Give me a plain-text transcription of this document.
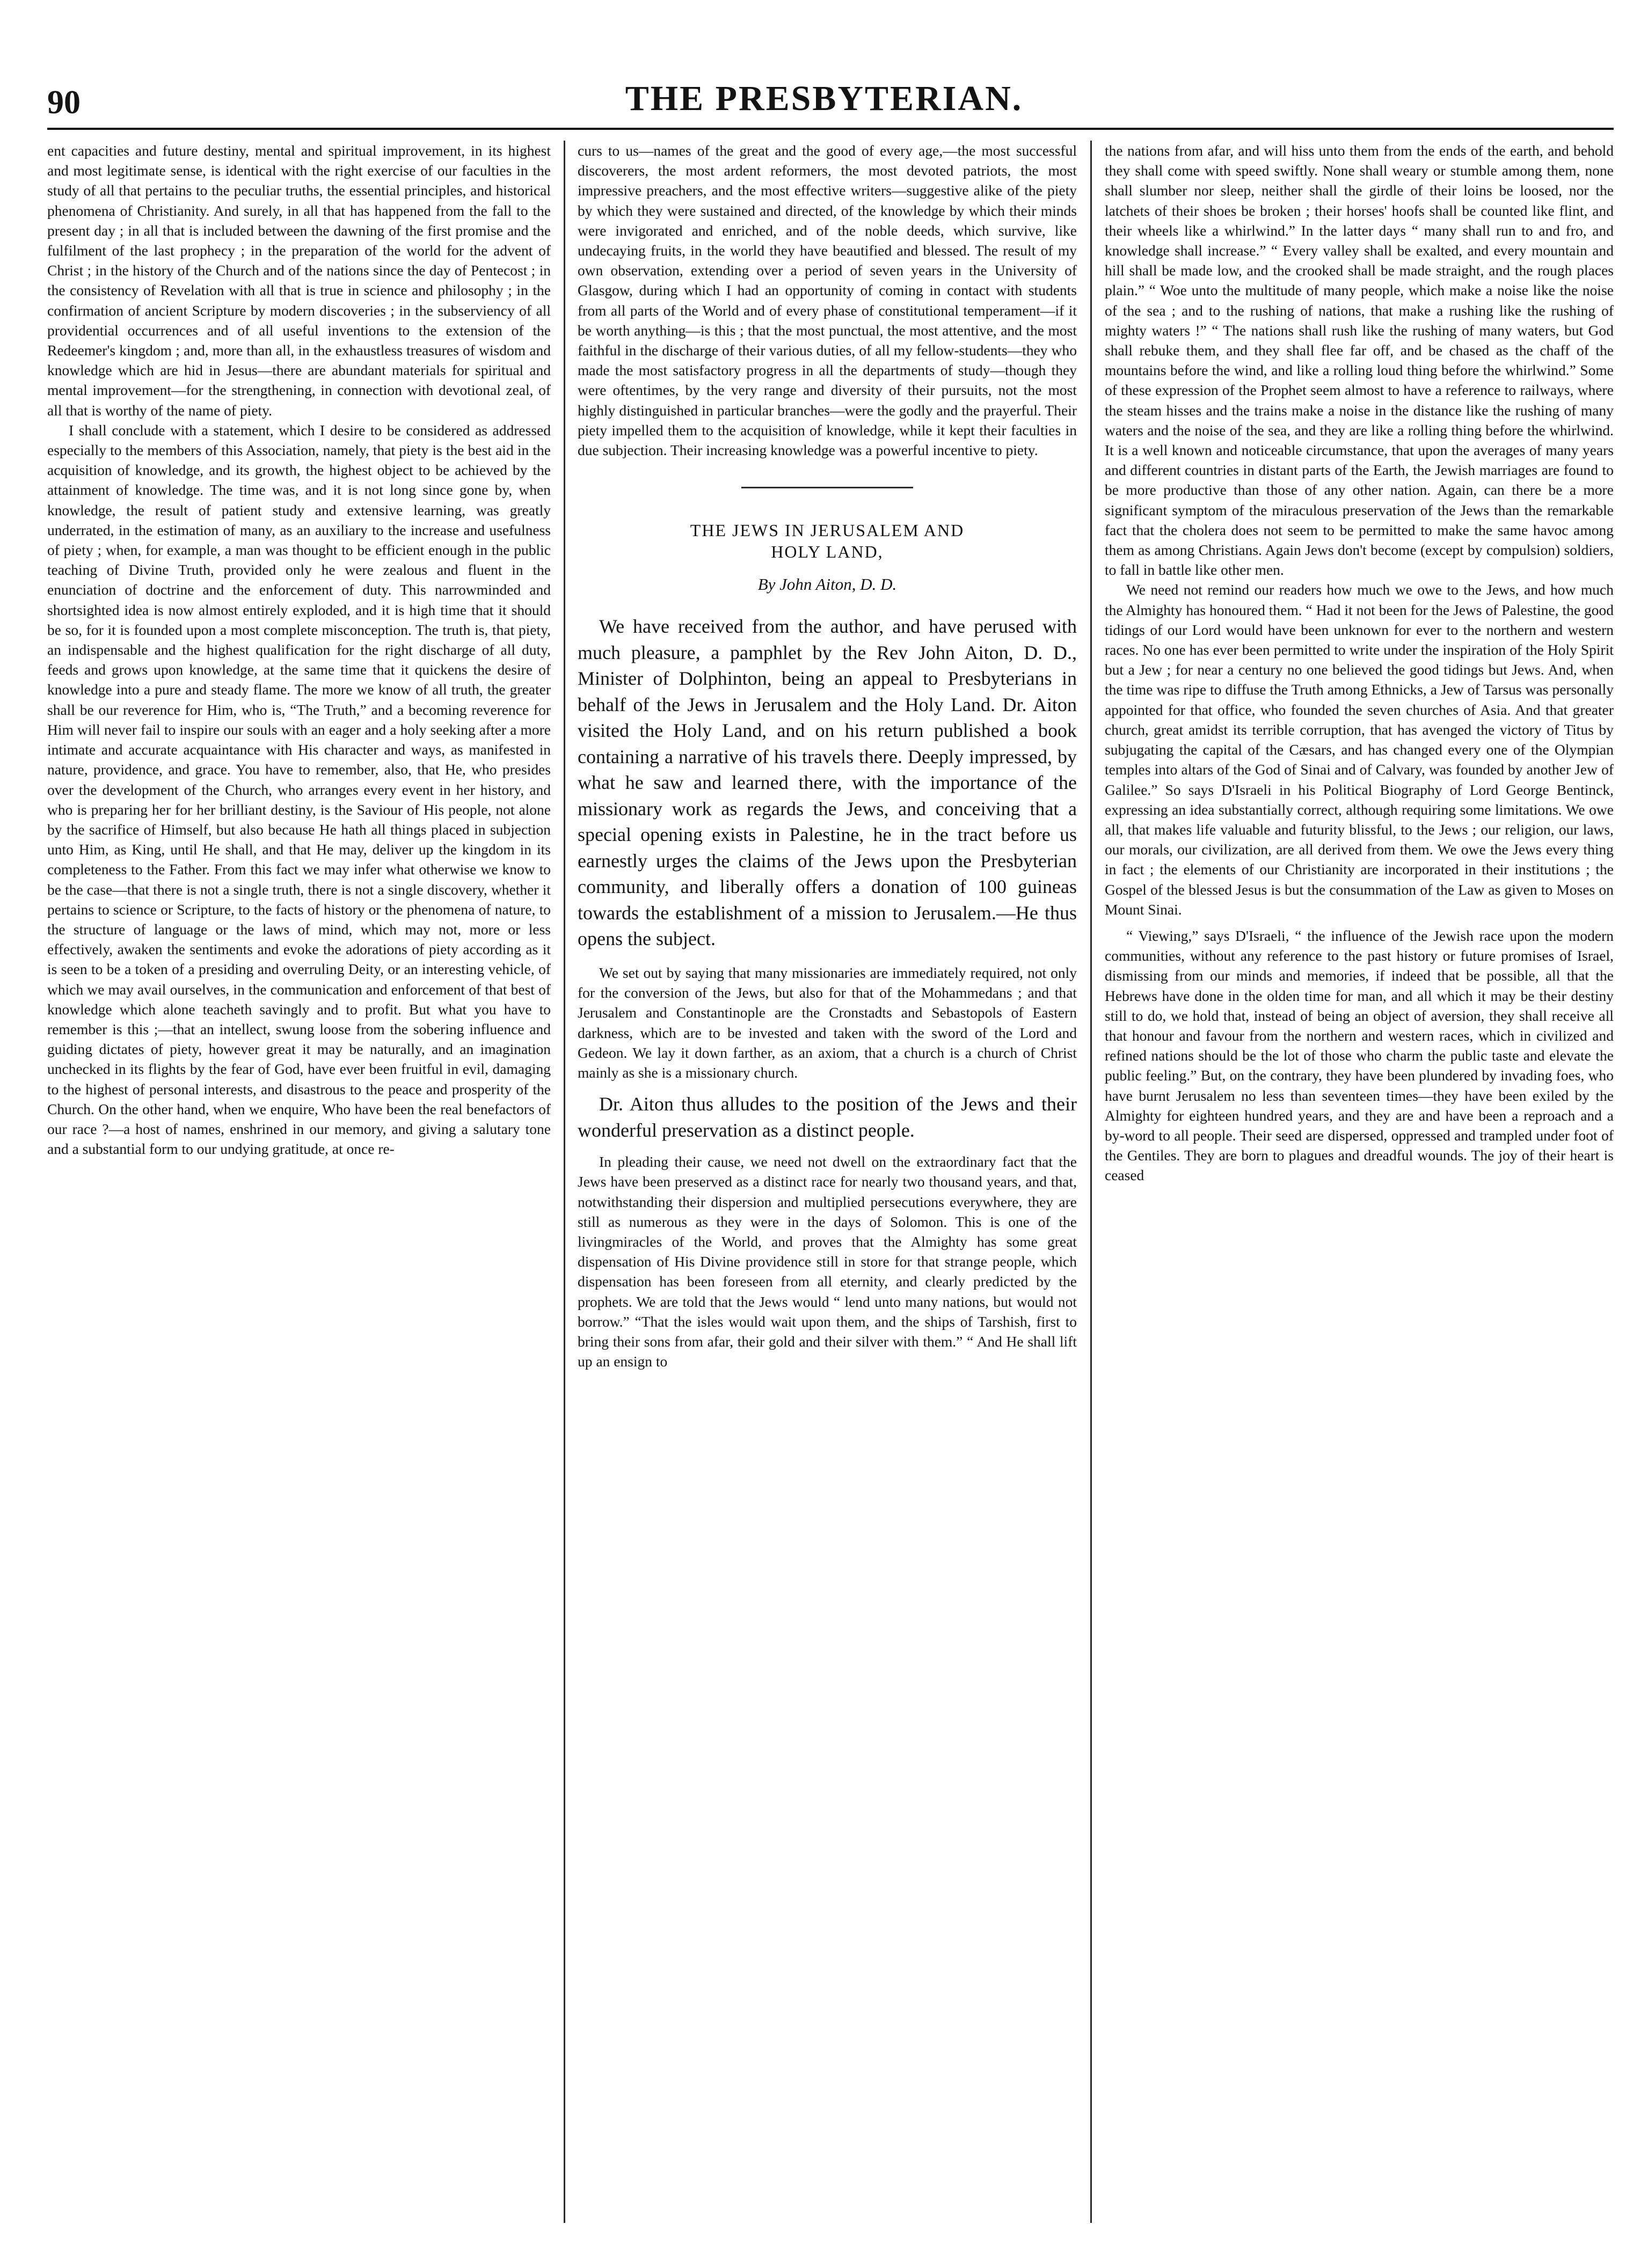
90	THE PRESBYTERIAN.

ent capacities and future destiny, mental and spiritual improvement, in its highest and most legitimate sense, is identical with the right exercise of our faculties in the study of all that pertains to the peculiar truths, the essential principles, and historical phenomena of Christianity. And surely, in all that has happened from the fall to the present day ; in all that is included between the dawning of the first promise and the fulfilment of the last prophecy ; in the preparation of the world for the advent of Christ ; in the history of the Church and of the nations since the day of Pentecost ; in the consistency of Revelation with all that is true in science and philosophy ; in the confirmation of ancient Scripture by modern discoveries ; in the subserviency of all providential occurrences and of all useful inventions to the extension of the Redeemer's kingdom ; and, more than all, in the exhaustless treasures of wisdom and knowledge which are hid in Jesus—there are abundant materials for spiritual and mental improvement—for the strengthening, in connection with devotional zeal, of all that is worthy of the name of piety.

I shall conclude with a statement, which I desire to be considered as addressed especially to the members of this Association, namely, that piety is the best aid in the acquisition of knowledge, and its growth, the highest object to be achieved by the attainment of knowledge. The time was, and it is not long since gone by, when knowledge, the result of patient study and extensive learning, was greatly underrated, in the estimation of many, as an auxiliary to the increase and usefulness of piety ; when, for example, a man was thought to be efficient enough in the public teaching of Divine Truth, provided only he were zealous and fluent in the enunciation of doctrine and the enforcement of duty. This narrowminded and shortsighted idea is now almost entirely exploded, and it is high time that it should be so, for it is founded upon a most complete misconception. The truth is, that piety, an indispensable and the highest qualification for the right discharge of all duty, feeds and grows upon knowledge, at the same time that it quickens the desire of knowledge into a pure and steady flame. The more we know of all truth, the greater shall be our reverence for Him, who is, “The Truth,” and a becoming reverence for Him will never fail to inspire our souls with an eager and a holy seeking after a more intimate and accurate acquaintance with His character and ways, as manifested in nature, providence, and grace. You have to remember, also, that He, who presides over the development of the Church, who arranges every event in her history, and who is preparing her for her brilliant destiny, is the Saviour of His people, not alone by the sacrifice of Himself, but also because He hath all things placed in subjection unto Him, as King, until He shall, and that He may, deliver up the kingdom in its completeness to the Father. From this fact we may infer what otherwise we know to be the case—that there is not a single truth, there is not a single discovery, whether it pertains to science or Scripture, to the facts of history or the phenomena of nature, to the structure of language or the laws of mind, which may not, more or less effectively, awaken the sentiments and evoke the adorations of piety according as it is seen to be a token of a presiding and overruling Deity, or an interesting vehicle, of which we may avail ourselves, in the communication and enforcement of that best of knowledge which alone teacheth savingly and to profit. But what you have to remember is this ;—that an intellect, swung loose from the sobering influence and guiding dictates of piety, however great it may be naturally, and an imagination unchecked in its flights by the fear of God, have ever been fruitful in evil, damaging to the highest of personal interests, and disastrous to the peace and prosperity of the Church. On the other hand, when we enquire, Who have been the real benefactors of our race ?—a host of names, enshrined in our memory, and giving a salutary tone and a substantial form to our undying gratitude, at once re-

curs to us—names of the great and the good of every age,—the most successful discoverers, the most ardent reformers, the most devoted patriots, the most impressive preachers, and the most effective writers—suggestive alike of the piety by which they were sustained and directed, of the knowledge by which their minds were invigorated and enriched, and of the noble deeds, which survive, like undecaying fruits, in the world they have beautified and blessed. The result of my own observation, extending over a period of seven years in the University of Glasgow, during which I had an opportunity of coming in contact with students from all parts of the World and of every phase of constitutional temperament—if it be worth anything—is this ; that the most punctual, the most attentive, and the most faithful in the discharge of their various duties, of all my fellow-students—they who made the most satisfactory progress in all the departments of study—though they were oftentimes, by the very range and diversity of their pursuits, not the most highly distinguished in particular branches—were the godly and the prayerful. Their piety impelled them to the acquisition of knowledge, while it kept their faculties in due subjection. Their increasing knowledge was a powerful incentive to piety.

THE JEWS IN JERUSALEM AND
HOLY LAND,
By John Aiton, D. D.

We have received from the author, and have perused with much pleasure, a pamphlet by the Rev John Aiton, D. D., Minister of Dolphinton, being an appeal to Presbyterians in behalf of the Jews in Jerusalem and the Holy Land. Dr. Aiton visited the Holy Land, and on his return published a book containing a narrative of his travels there. Deeply impressed, by what he saw and learned there, with the importance of the missionary work as regards the Jews, and conceiving that a special opening exists in Palestine, he in the tract before us earnestly urges the claims of the Jews upon the Presbyterian community, and liberally offers a donation of 100 guineas towards the establishment of a mission to Jerusalem.—He thus opens the subject.

We set out by saying that many missionaries are immediately required, not only for the conversion of the Jews, but also for that of the Mohammedans ; and that Jerusalem and Constantinople are the Cronstadts and Sebastopols of Eastern darkness, which are to be invested and taken with the sword of the Lord and Gedeon. We lay it down farther, as an axiom, that a church is a church of Christ mainly as she is a missionary church.

Dr. Aiton thus alludes to the position of the Jews and their wonderful preservation as a distinct people.

In pleading their cause, we need not dwell on the extraordinary fact that the Jews have been preserved as a distinct race for nearly two thousand years, and that, notwithstanding their dispersion and multiplied persecutions everywhere, they are still as numerous as they were in the days of Solomon. This is one of the livingmiracles of the World, and proves that the Almighty has some great dispensation of His Divine providence still in store for that strange people, which dispensation has been foreseen from all eternity, and clearly predicted by the prophets. We are told that the Jews would “ lend unto many nations, but would not borrow.” “That the isles would wait upon them, and the ships of Tarshish, first to bring their sons from afar, their gold and their silver with them.” “ And He shall lift up an ensign to

the nations from afar, and will hiss unto them from the ends of the earth, and behold they shall come with speed swiftly. None shall weary or stumble among them, none shall slumber nor sleep, neither shall the girdle of their loins be loosed, nor the latchets of their shoes be broken ; their horses' hoofs shall be counted like flint, and their wheels like a whirlwind.” In the latter days “ many shall run to and fro, and knowledge shall increase.” “ Every valley shall be exalted, and every mountain and hill shall be made low, and the crooked shall be made straight, and the rough places plain.” “ Woe unto the multitude of many people, which make a noise like the noise of the sea ; and to the rushing of nations, that make a rushing like the rushing of mighty waters !” “ The nations shall rush like the rushing of many waters, but God shall rebuke them, and they shall flee far off, and be chased as the chaff of the mountains before the wind, and like a rolling loud thing before the whirlwind.” Some of these expression of the Prophet seem almost to have a reference to railways, where the steam hisses and the trains make a noise in the distance like the rushing of many waters and the noise of the sea, and they are like a rolling thing before the whirlwind. It is a well known and noticeable circumstance, that upon the averages of many years and different countries in distant parts of the Earth, the Jewish marriages are found to be more productive than those of any other nation. Again, can there be a more significant symptom of the miraculous preservation of the Jews than the remarkable fact that the cholera does not seem to be permitted to make the same havoc among them as among Christians. Again Jews don't become (except by compulsion) soldiers, to fall in battle like other men.

We need not remind our readers how much we owe to the Jews, and how much the Almighty has honoured them. “ Had it not been for the Jews of Palestine, the good tidings of our Lord would have been unknown for ever to the northern and western races. No one has ever been permitted to write under the inspiration of the Holy Spirit but a Jew ; for near a century no one believed the good tidings but Jews. And, when the time was ripe to diffuse the Truth among Ethnicks, a Jew of Tarsus was personally appointed for that office, who founded the seven churches of Asia. And that greater church, great amidst its terrible corruption, that has avenged the victory of Titus by subjugating the capital of the Cæsars, and has changed every one of the Olympian temples into altars of the God of Sinai and of Calvary, was founded by another Jew of Galilee.” So says D'Israeli in his Political Biography of Lord George Bentinck, expressing an idea substantially correct, although requiring some limitations. We owe all, that makes life valuable and futurity blissful, to the Jews ; our religion, our laws, our morals, our civilization, are all derived from them. We owe the Jews every thing in fact ; the elements of our Christianity are incorporated in their institutions ; the Gospel of the blessed Jesus is but the consummation of the Law as given to Moses on Mount Sinai.

“ Viewing,” says D'Israeli, “ the influence of the Jewish race upon the modern communities, without any reference to the past history or future promises of Israel, dismissing from our minds and memories, if indeed that be possible, all that the Hebrews have done in the olden time for man, and all which it may be their destiny still to do, we hold that, instead of being an object of aversion, they shall receive all that honour and favour from the northern and western races, which in civilized and refined nations should be the lot of those who charm the public taste and elevate the public feeling.” But, on the contrary, they have been plundered by invading foes, who have burnt Jerusalem no less than seventeen times—they have been exiled by the Almighty for eighteen hundred years, and they are and have been a reproach and a by-word to all people. Their seed are dispersed, oppressed and trampled under foot of the Gentiles. They are born to plagues and dreadful wounds. The joy of their heart is ceased
